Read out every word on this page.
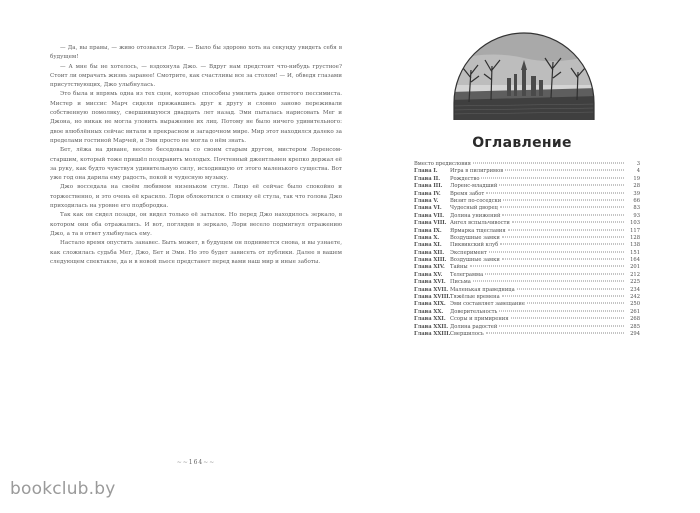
— Да, вы правы, — живо отозвался Лори. — Было бы здорово хоть на секунду увидеть себя в будущем!

— А мне бы не хотелось, — вздохнула Джо. — Вдруг нам предстоит что-нибудь грустное? Стоит ли омрачать жизнь заранее! Смотрите, как счастливы все за столом! — И, обведя глазами присутствующих, Джо улыбнулась.

Это была и впрямь одна из тех сцен, которые способны умилить даже отпетого пессимиста. Мистер и миссис Марч сидели прижавшись друг к другу и словно заново переживали собственную помолвку, свершившуюся двадцать лет назад. Эми пыталась нарисовать Мег и Джона, но никак не могла уловить выражение их лиц. Потому не было ничего удивительного: двое влюблённых сейчас витали в прекрасном и загадочном мире. Мир этот находился далеко за пределами гостиной Марчей, и Эми просто не могла о нём знать.

Бет, лёжа на диване, весело беседовала со своим старым другом, мистером Лоренсом-старшим, который тоже пришёл поздравить молодых. Почтенный джентльмен крепко держал её за руку, как будто чувствуя удивительную силу, исходившую от этого маленького существа. Вот уже год она дарила ему радость, покой и чудесную музыку.

Джо восседала на своём любимом низеньком стуле. Лицо её сейчас было спокойно и торжественно, и это очень её красило. Лори облокотился о спинку её стула, так что голова Джо приходилась на уровне его подбородка.

Так как он сидел позади, он видел только её затылок. Но перед Джо находилось зеркало, в котором они оба отражались. И вот, поглядев в зеркало, Лори весело подмигнул отражению Джо, а та в ответ улыбнулась ему.

Настало время опустить занавес. Быть может, в будущем он поднимется снова, и вы узнаете, как сложилась судьба Мег, Джо, Бет и Эми. Но это будет зависеть от публики. Далее в вашем следующем спектакле, да и в новой пьесе предстанет перед вами наш мир и иные заботы.

~~164~~
Оглавление
Вместо предисловия	3
Глава I.	Игра в пилигримов	4
Глава II.	Рождество	19
Глава III.	Лоренс-младший	28
Глава IV.	Время забот	39
Глава V.	Визит по-соседски	66
Глава VI.	Чудесный дворец	83
Глава VII.	Долина унижений	93
Глава VIII. Ангел вспыльчивости	103
Глава IX.	Ярмарка тщеславия	117
Глава X.	Воздушные замки	128
Глава XI.	Пиквикский клуб	138
Глава XII.	Эксперимент	151
Глава XIII. Воздушные замки	164
Глава XIV.	Тайны	201
Глава XV.	Телеграмма	212
Глава XVI. Письма	225
Глава XVII. Маленькая праведница	234
Глава XVIII. Тяжёлые времена	242
Глава XIX. Эми составляет завещание	250
Глава XX.	Доверительность	261
Глава XXI. Ссоры и примирения	268
Глава XXII. Долина радостей	285
Глава XXIII. Свершилось	294
bookclub.by
